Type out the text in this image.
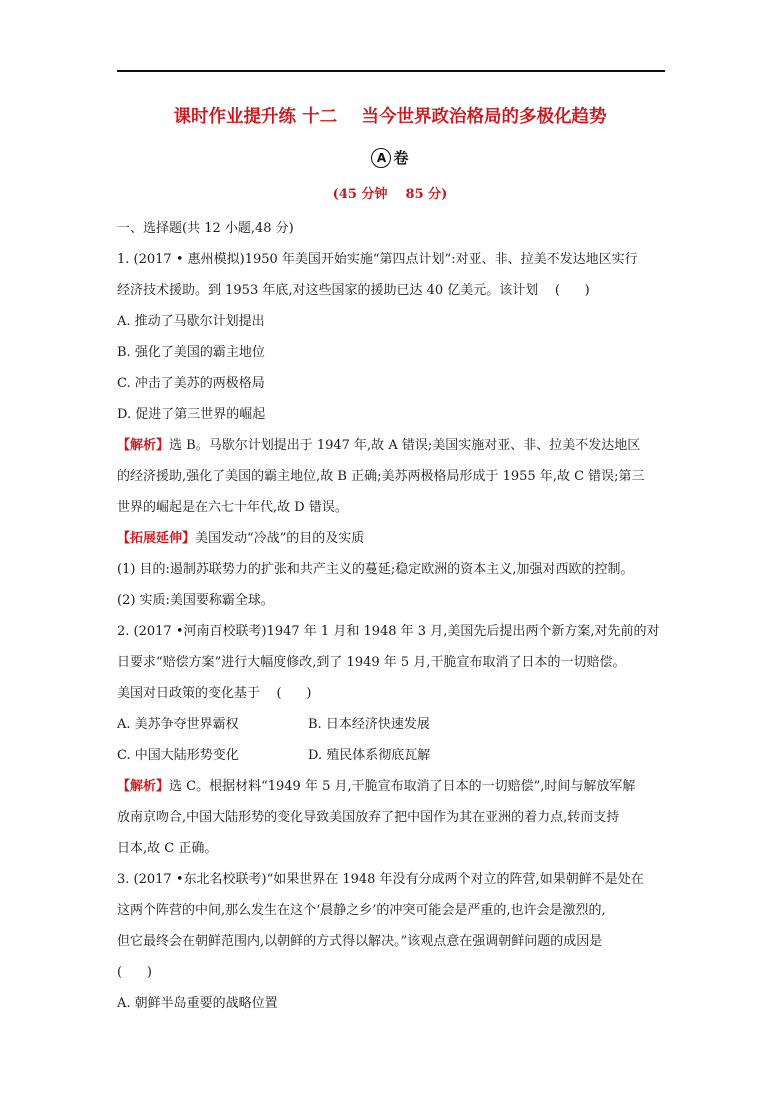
课时作业提升练 十二    当今世界政治格局的多极化趋势
A 卷
(45 分钟    85 分)
一、选择题(共 12 小题,48 分)
1. (2017 • 惠州模拟)1950 年美国开始实施“第四点计划”:对亚、非、拉美不发达地区实行
经济技术援助。到 1953 年底,对这些国家的援助已达 40 亿美元。该计划    (      )
A. 推动了马歇尔计划提出
B. 强化了美国的霸主地位
C. 冲击了美苏的两极格局
D. 促进了第三世界的崛起
【解析】选 B。马歇尔计划提出于 1947 年,故 A 错误;美国实施对亚、非、拉美不发达地区
的经济援助,强化了美国的霸主地位,故 B 正确;美苏两极格局形成于 1955 年,故 C 错误;第三
世界的崛起是在六七十年代,故 D 错误。
【拓展延伸】美国发动“冷战”的目的及实质
(1) 目的:遏制苏联势力的扩张和共产主义的蔓延;稳定欧洲的资本主义,加强对西欧的控制。
(2) 实质:美国要称霸全球。
2. (2017 •河南百校联考)1947 年 1 月和 1948 年 3 月,美国先后提出两个新方案,对先前的对
日要求“赔偿方案”进行大幅度修改,到了 1949 年 5 月,干脆宣布取消了日本的一切赔偿。
美国对日政策的变化基于    (      )
A. 美苏争夺世界霸权	B. 日本经济快速发展
C. 中国大陆形势变化	D. 殖民体系彻底瓦解
【解析】选 C。根据材料“1949 年 5 月,干脆宣布取消了日本的一切赔偿”,时间与解放军解
放南京吻合,中国大陆形势的变化导致美国放弃了把中国作为其在亚洲的着力点,转而支持
日本,故 C 正确。
3. (2017 •东北名校联考)“如果世界在 1948 年没有分成两个对立的阵营,如果朝鲜不是处在
这两个阵营的中间,那么发生在这个‘晨静之乡’的冲突可能会是严重的,也许会是激烈的,
但它最终会在朝鲜范围内,以朝鲜的方式得以解决。”该观点意在强调朝鲜问题的成因是
(      )
A. 朝鲜半岛重要的战略位置
